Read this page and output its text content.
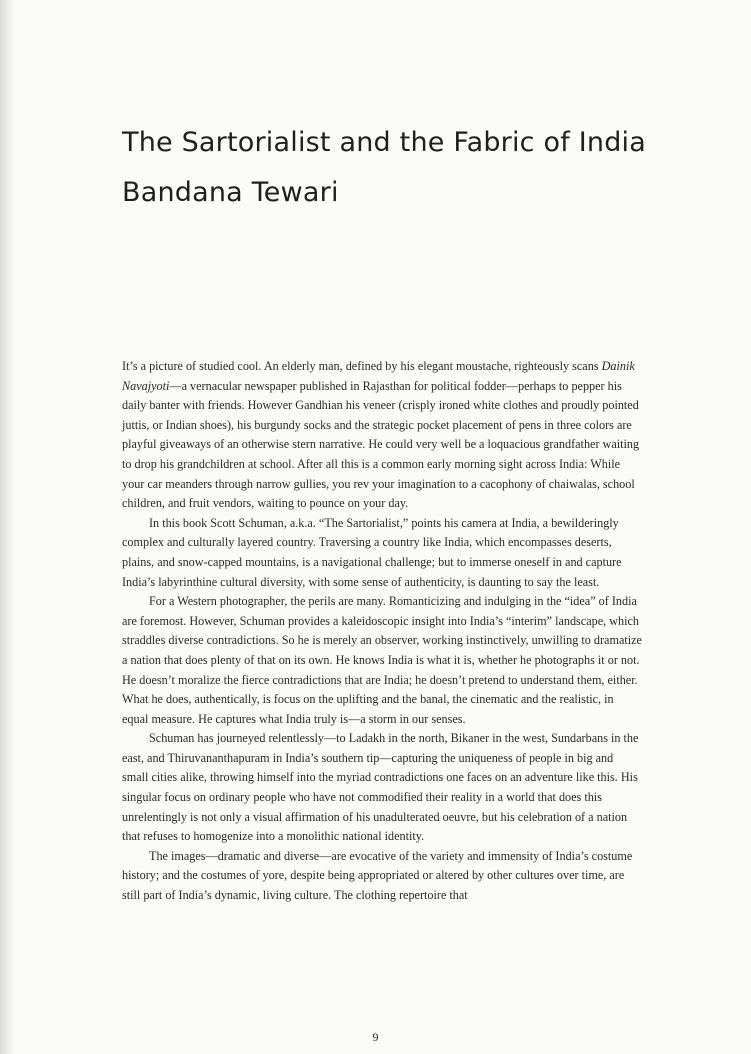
The Sartorialist and the Fabric of India
Bandana Tewari

It’s a picture of studied cool. An elderly man, defined by his elegant moustache, righteously scans Dainik Navajyoti—a vernacular newspaper published in Rajasthan for political fodder—perhaps to pepper his daily banter with friends. However Gandhian his veneer (crisply ironed white clothes and proudly pointed juttis, or Indian shoes), his burgundy socks and the strategic pocket placement of pens in three colors are playful giveaways of an otherwise stern narrative. He could very well be a loquacious grandfather waiting to drop his grandchildren at school. After all this is a common early morning sight across India: While your car meanders through narrow gullies, you rev your imagination to a cacophony of chaiwalas, school children, and fruit vendors, waiting to pounce on your day.

In this book Scott Schuman, a.k.a. “The Sartorialist,” points his camera at India, a bewilderingly complex and culturally layered country. Traversing a country like India, which encompasses deserts, plains, and snow-capped mountains, is a navigational challenge; but to immerse oneself in and capture India’s labyrinthine cultural diversity, with some sense of authenticity, is daunting to say the least.

For a Western photographer, the perils are many. Romanticizing and indulging in the “idea” of India are foremost. However, Schuman provides a kaleidoscopic insight into India’s “interim” landscape, which straddles diverse contradictions. So he is merely an observer, working instinctively, unwilling to dramatize a nation that does plenty of that on its own. He knows India is what it is, whether he photographs it or not. He doesn’t moralize the fierce contradictions that are India; he doesn’t pretend to understand them, either. What he does, authentically, is focus on the uplifting and the banal, the cinematic and the realistic, in equal measure. He captures what India truly is—a storm in our senses.

Schuman has journeyed relentlessly—to Ladakh in the north, Bikaner in the west, Sundarbans in the east, and Thiruvananthapuram in India’s southern tip—capturing the uniqueness of people in big and small cities alike, throwing himself into the myriad contradictions one faces on an adventure like this. His singular focus on ordinary people who have not commodified their reality in a world that does this unrelentingly is not only a visual affirmation of his unadulterated oeuvre, but his celebration of a nation that refuses to homogenize into a monolithic national identity.

The images—dramatic and diverse—are evocative of the variety and immensity of India’s costume history; and the costumes of yore, despite being appropriated or altered by other cultures over time, are still part of India’s dynamic, living culture. The clothing repertoire that

9
